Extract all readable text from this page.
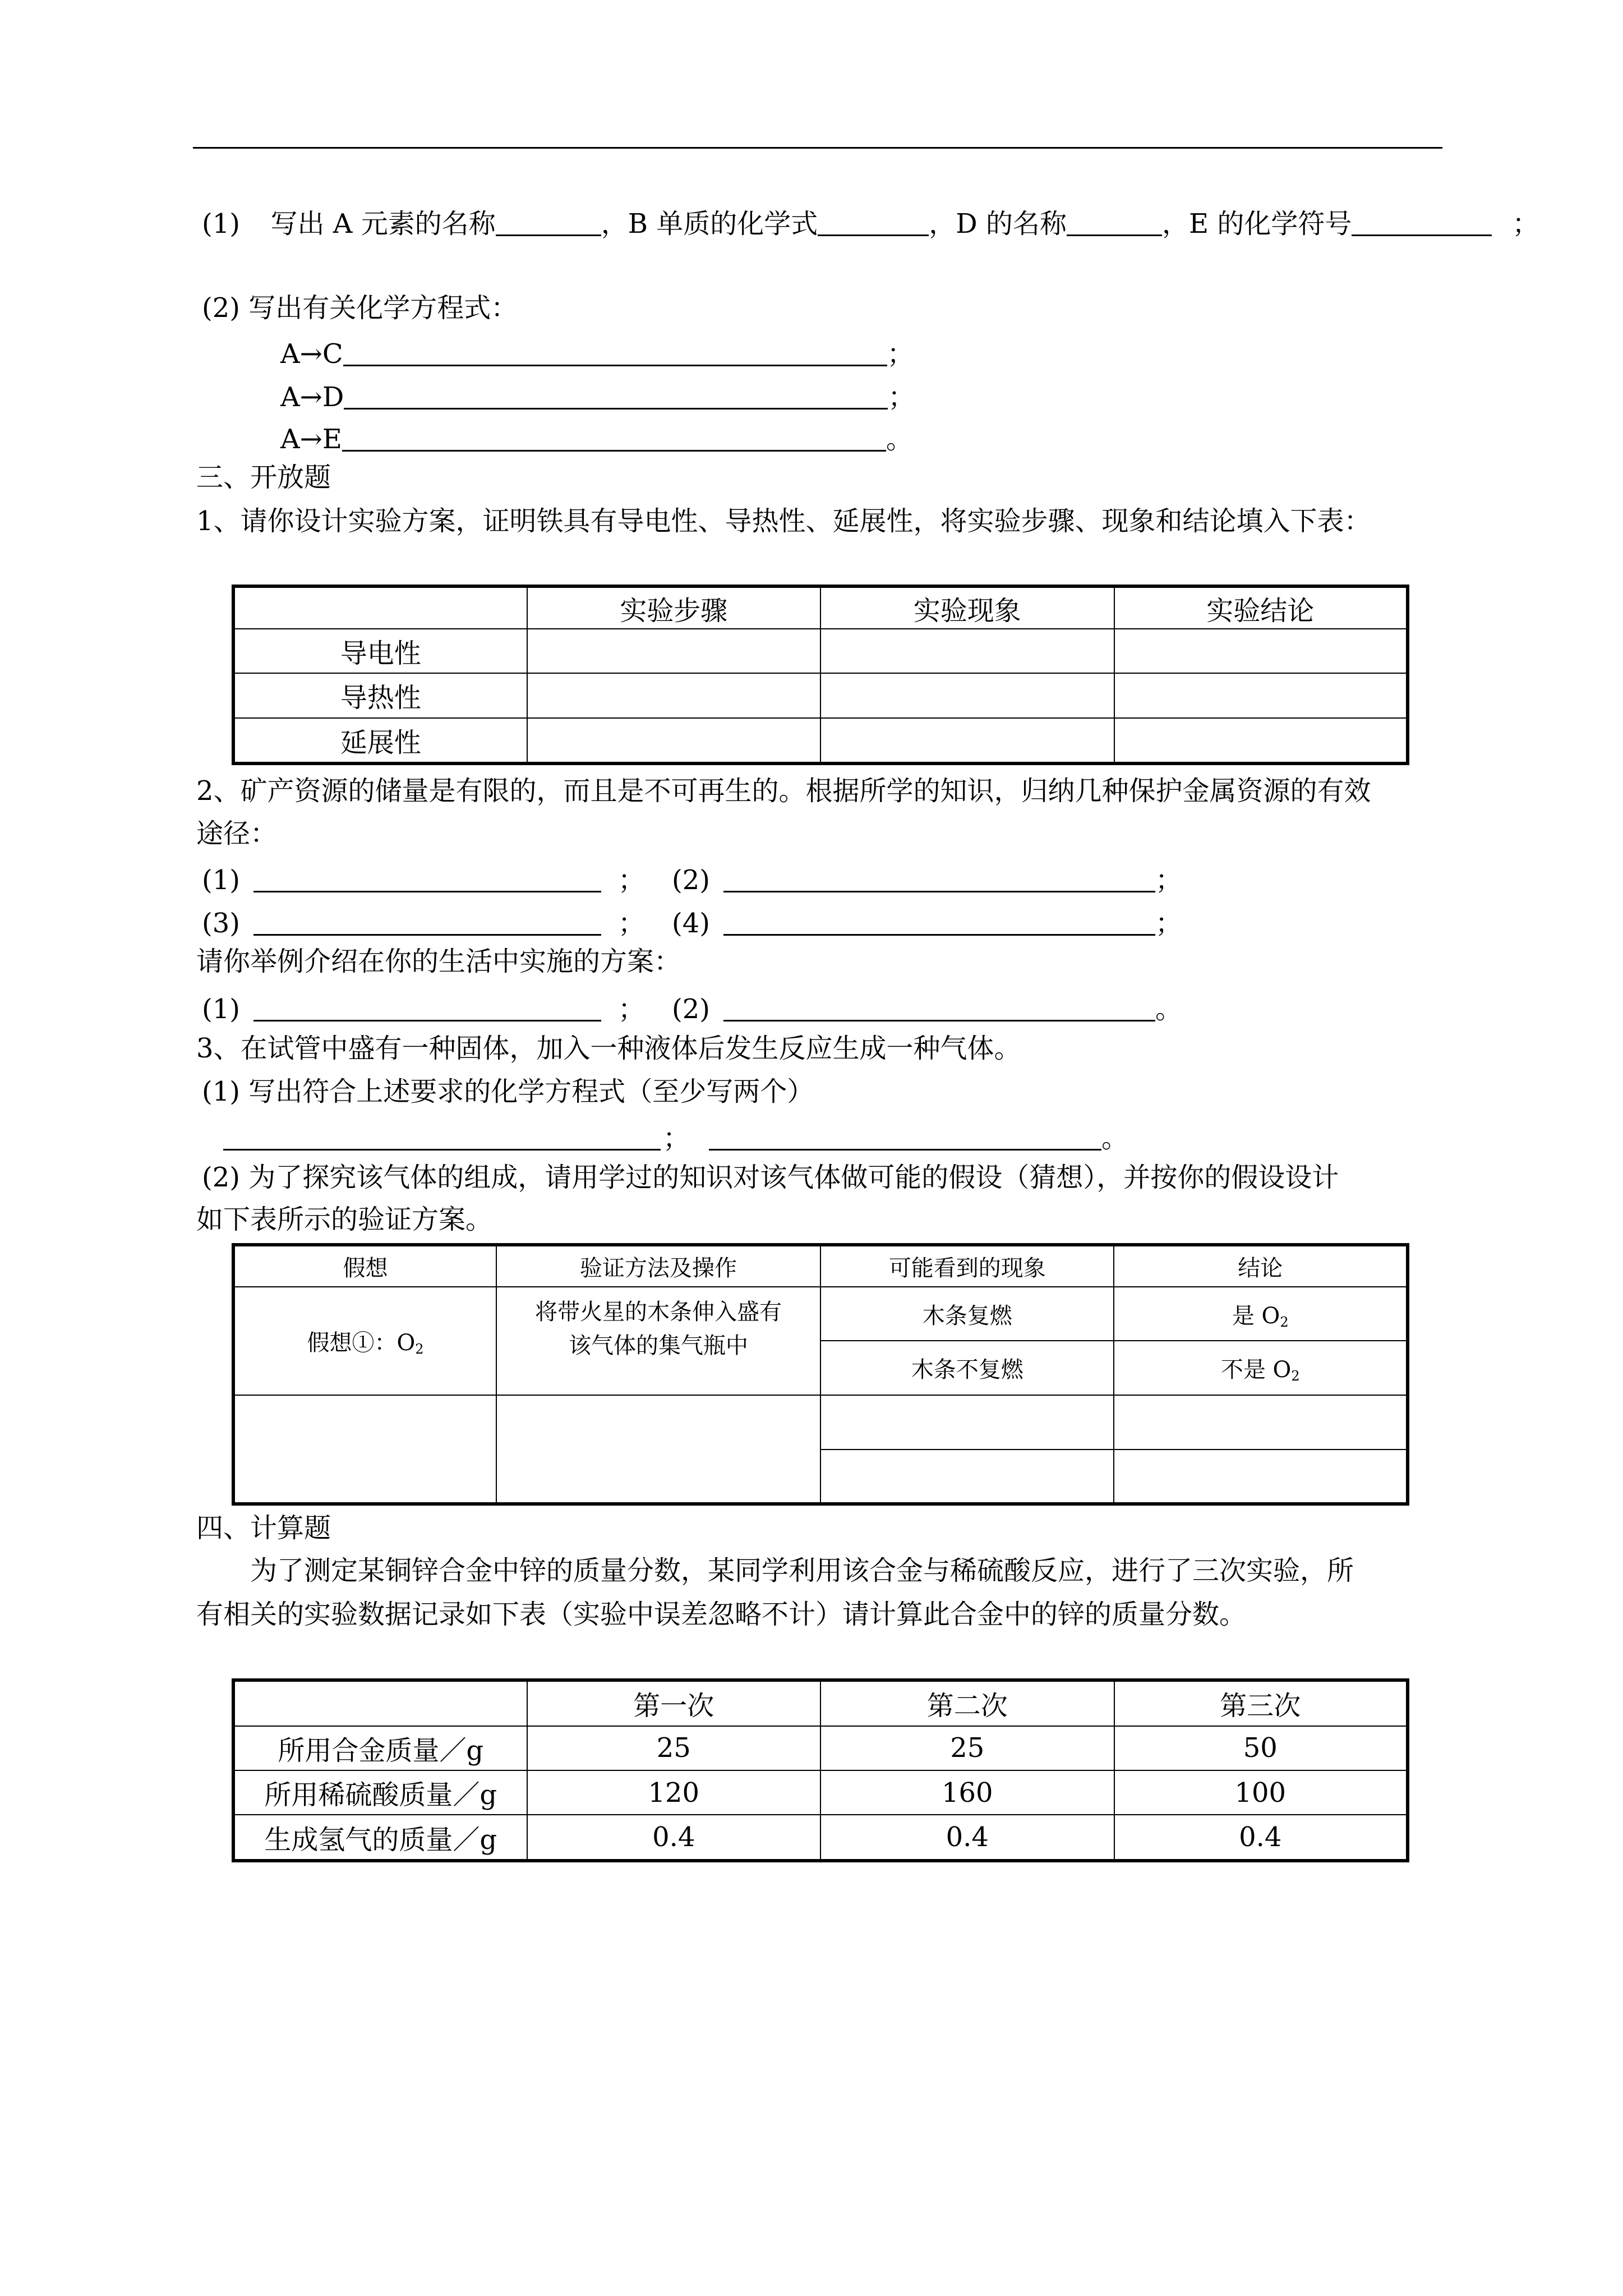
(1) 写出 A 元素的名称	，B 单质的化学式	，D 的名称	，E 的化学符号	；
(2) 写出有关化学方程式：
A→C	；
A→D	；
A→E	。
三、开放题
1、请你设计实验方案，证明铁具有导电性、导热性、延展性，将实验步骤、现象和结论填入下表：
	实验步骤	实验现象	实验结论
导电性			
导热性			
延展性			
2、矿产资源的储量是有限的，而且是不可再生的。根据所学的知识，归纳几种保护金属资源的有效
途径：
(1)	； (2)	；
(3)	； (4)	；
请你举例介绍在你的生活中实施的方案：
(1)	； (2)	。
3、在试管中盛有一种固体，加入一种液体后发生反应生成一种气体。
(1) 写出符合上述要求的化学方程式（至少写两个）
；	。
(2) 为了探究该气体的组成，请用学过的知识对该气体做可能的假设（猜想），并按你的假设设计
如下表所示的验证方案。
假想	验证方法及操作	可能看到的现象	结论
假想①：$O_2$	将带火星的木条伸入盛有
该气体的集气瓶中	木条复燃	是 $O_2$
		木条不复燃	不是 $O_2$

四、计算题
为了测定某铜锌合金中锌的质量分数，某同学利用该合金与稀硫酸反应，进行了三次实验，所
有相关的实验数据记录如下表（实验中误差忽略不计）请计算此合金中的锌的质量分数。
	第一次	第二次	第三次
所用合金质量／g	25	25	50
所用稀硫酸质量／g	120	160	100
生成氢气的质量／g	0.4	0.4	0.4
